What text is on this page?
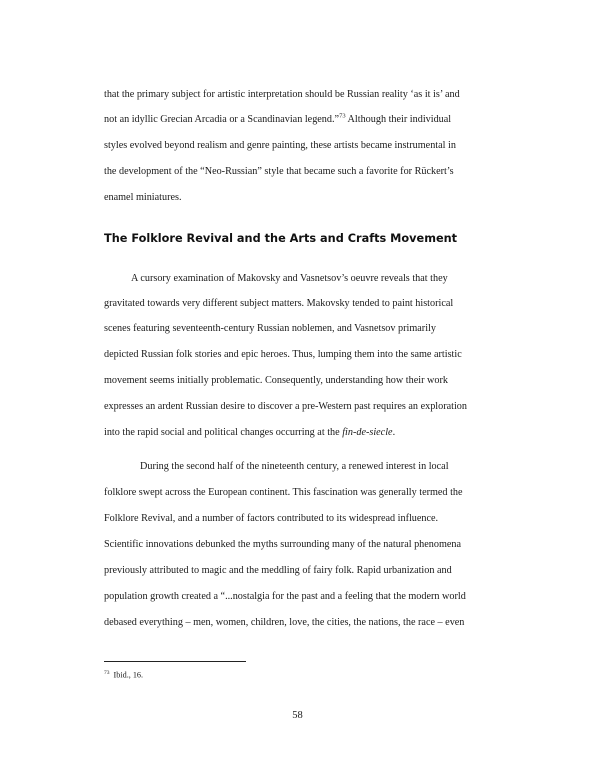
that the primary subject for artistic interpretation should be Russian reality ‘as it is’ and
not an idyllic Grecian Arcadia or a Scandinavian legend.”$^{73}$ Although their individual
styles evolved beyond realism and genre painting, these artists became instrumental in
the development of the “Neo-Russian” style that became such a favorite for Rückert’s
enamel miniatures.
The Folklore Revival and the Arts and Crafts Movement
A cursory examination of Makovsky and Vasnetsov’s oeuvre reveals that they
gravitated towards very different subject matters. Makovsky tended to paint historical
scenes featuring seventeenth-century Russian noblemen, and Vasnetsov primarily
depicted Russian folk stories and epic heroes. Thus, lumping them into the same artistic
movement seems initially problematic. Consequently, understanding how their work
expresses an ardent Russian desire to discover a pre-Western past requires an exploration
into the rapid social and political changes occurring at the fin-de-siecle.
During the second half of the nineteenth century, a renewed interest in local
folklore swept across the European continent. This fascination was generally termed the
Folklore Revival, and a number of factors contributed to its widespread influence.
Scientific innovations debunked the myths surrounding many of the natural phenomena
previously attributed to magic and the meddling of fairy folk. Rapid urbanization and
population growth created a “...nostalgia for the past and a feeling that the modern world
debased everything – men, women, children, love, the cities, the nations, the race – even
$^{73}$ Ibid., 16.
58
